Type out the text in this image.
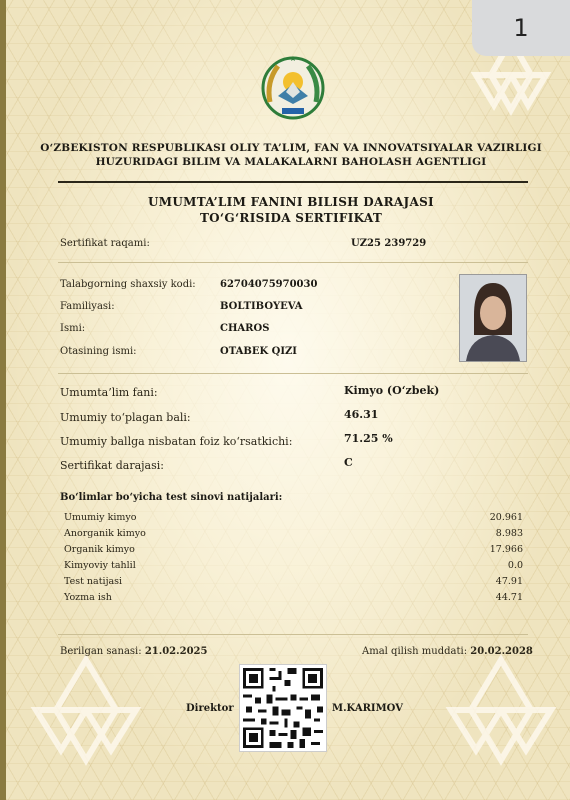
1
O‘ZBEKISTON RESPUBLIKASI OLIY TA’LIM, FAN VA INNOVATSIYALAR VAZIRLIGI
HUZURIDAGI BILIM VA MALAKALARNI BAHOLASH AGENTLIGI
UMUMTA’LIM FANINI BILISH DARAJASI
TO‘G‘RISIDA SERTIFIKAT
Sertifikat raqami:	UZ25 239729
Talabgorning shaxsiy kodi: 62704075970030
Familiyasi:	BOLTIBOYEVA
Ismi:	CHAROS
Otasining ismi:	OTABEK QIZI
Umumta’lim fani:	Kimyo (O‘zbek)
Umumiy to‘plagan bali:	46.31
Umumiy ballga nisbatan foiz ko‘rsatkichi:	71.25 %
Sertifikat darajasi:	C
Bo‘limlar bo‘yicha test sinovi natijalari:
Umumiy kimyo	20.961
Anorganik kimyo	8.983
Organik kimyo	17.966
Kimyoviy tahlil	0.0
Test natijasi	47.91
Yozma ish	44.71
Berilgan sanasi: 21.02.2025	Amal qilish muddati: 20.02.2028
Direktor	M.KARIMOV
